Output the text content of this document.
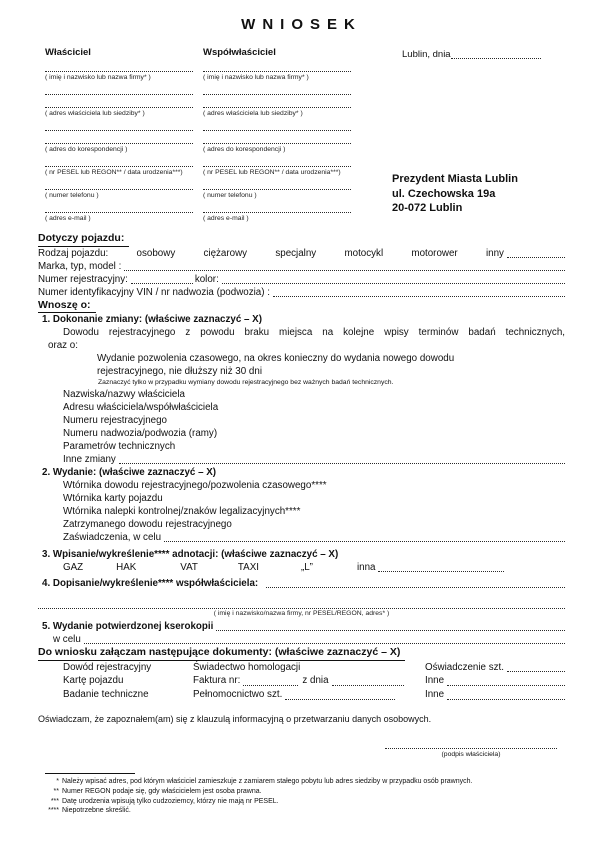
WNIOSEK
Właściciel
( imię i nazwisko lub nazwa firmy* )
( adres właściciela lub siedziby* )
( adres do korespondencji )
( nr PESEL lub REGON** / data urodzenia***)
( numer telefonu )
( adres e-mail )
Współwłaściciel
( imię i nazwisko lub nazwa firmy* )
( adres właściciela lub siedziby* )
( adres do korespondencji )
( nr PESEL lub REGON** / data urodzenia***)
( numer telefonu )
( adres e-mail )
Lublin, dnia
Prezydent Miasta Lublin
ul. Czechowska 19a
20-072 Lublin
Dotyczy pojazdu:
Rodzaj pojazdu:	osobowy	ciężarowy	specjalny	motocykl	motorower	inny
Marka, typ, model :
Numer rejestracyjny:	kolor:
Numer identyfikacyjny VIN / nr nadwozia (podwozia) :
Wnoszę o:
1. Dokonanie zmiany: (właściwe zaznaczyć – X)
Dowodu rejestracyjnego z powodu braku miejsca na kolejne wpisy terminów badań technicznych,
oraz o:
Wydanie pozwolenia czasowego, na okres konieczny do wydania nowego dowodu
rejestracyjnego, nie dłuższy niż 30 dni
Zaznaczyć tylko w przypadku wymiany dowodu rejestracyjnego bez ważnych badań technicznych.
Nazwiska/nazwy właściciela
Adresu właściciela/współwłaściciela
Numeru rejestracyjnego
Numeru nadwozia/podwozia (ramy)
Parametrów technicznych
Inne zmiany
2. Wydanie: (właściwe zaznaczyć – X)
Wtórnika dowodu rejestracyjnego/pozwolenia czasowego****
Wtórnika karty pojazdu
Wtórnika nalepki kontrolnej/znaków legalizacyjnych****
Zatrzymanego dowodu rejestracyjnego
Zaświadczenia, w celu
3. Wpisanie/wykreślenie**** adnotacji: (właściwe zaznaczyć – X)
GAZ	HAK	VAT	TAXI	„L”	inna
4. Dopisanie/wykreślenie**** współwłaściciela:
( imię i nazwisko/nazwa firmy, nr PESEL/REGON, adres* )
5. Wydanie potwierdzonej kserokopii
w celu
Do wniosku załączam następujące dokumenty: (właściwe zaznaczyć – X)
Dowód rejestracyjny	Świadectwo homologacji	Oświadczenie szt.
Kartę pojazdu	Faktura nr:	z dnia	Inne
Badanie techniczne	Pełnomocnictwo szt.	Inne
Oświadczam, że zapoznałem(am) się z klauzulą informacyjną o przetwarzaniu danych osobowych.
(podpis właściciela)
* Należy wpisać adres, pod którym właściciel zamieszkuje z zamiarem stałego pobytu lub adres siedziby w przypadku osób prawnych.
** Numer REGON podaje się, gdy właścicielem jest osoba prawna.
*** Datę urodzenia wpisują tylko cudzoziemcy, którzy nie mają nr PESEL.
**** Niepotrzebne skreślić.
